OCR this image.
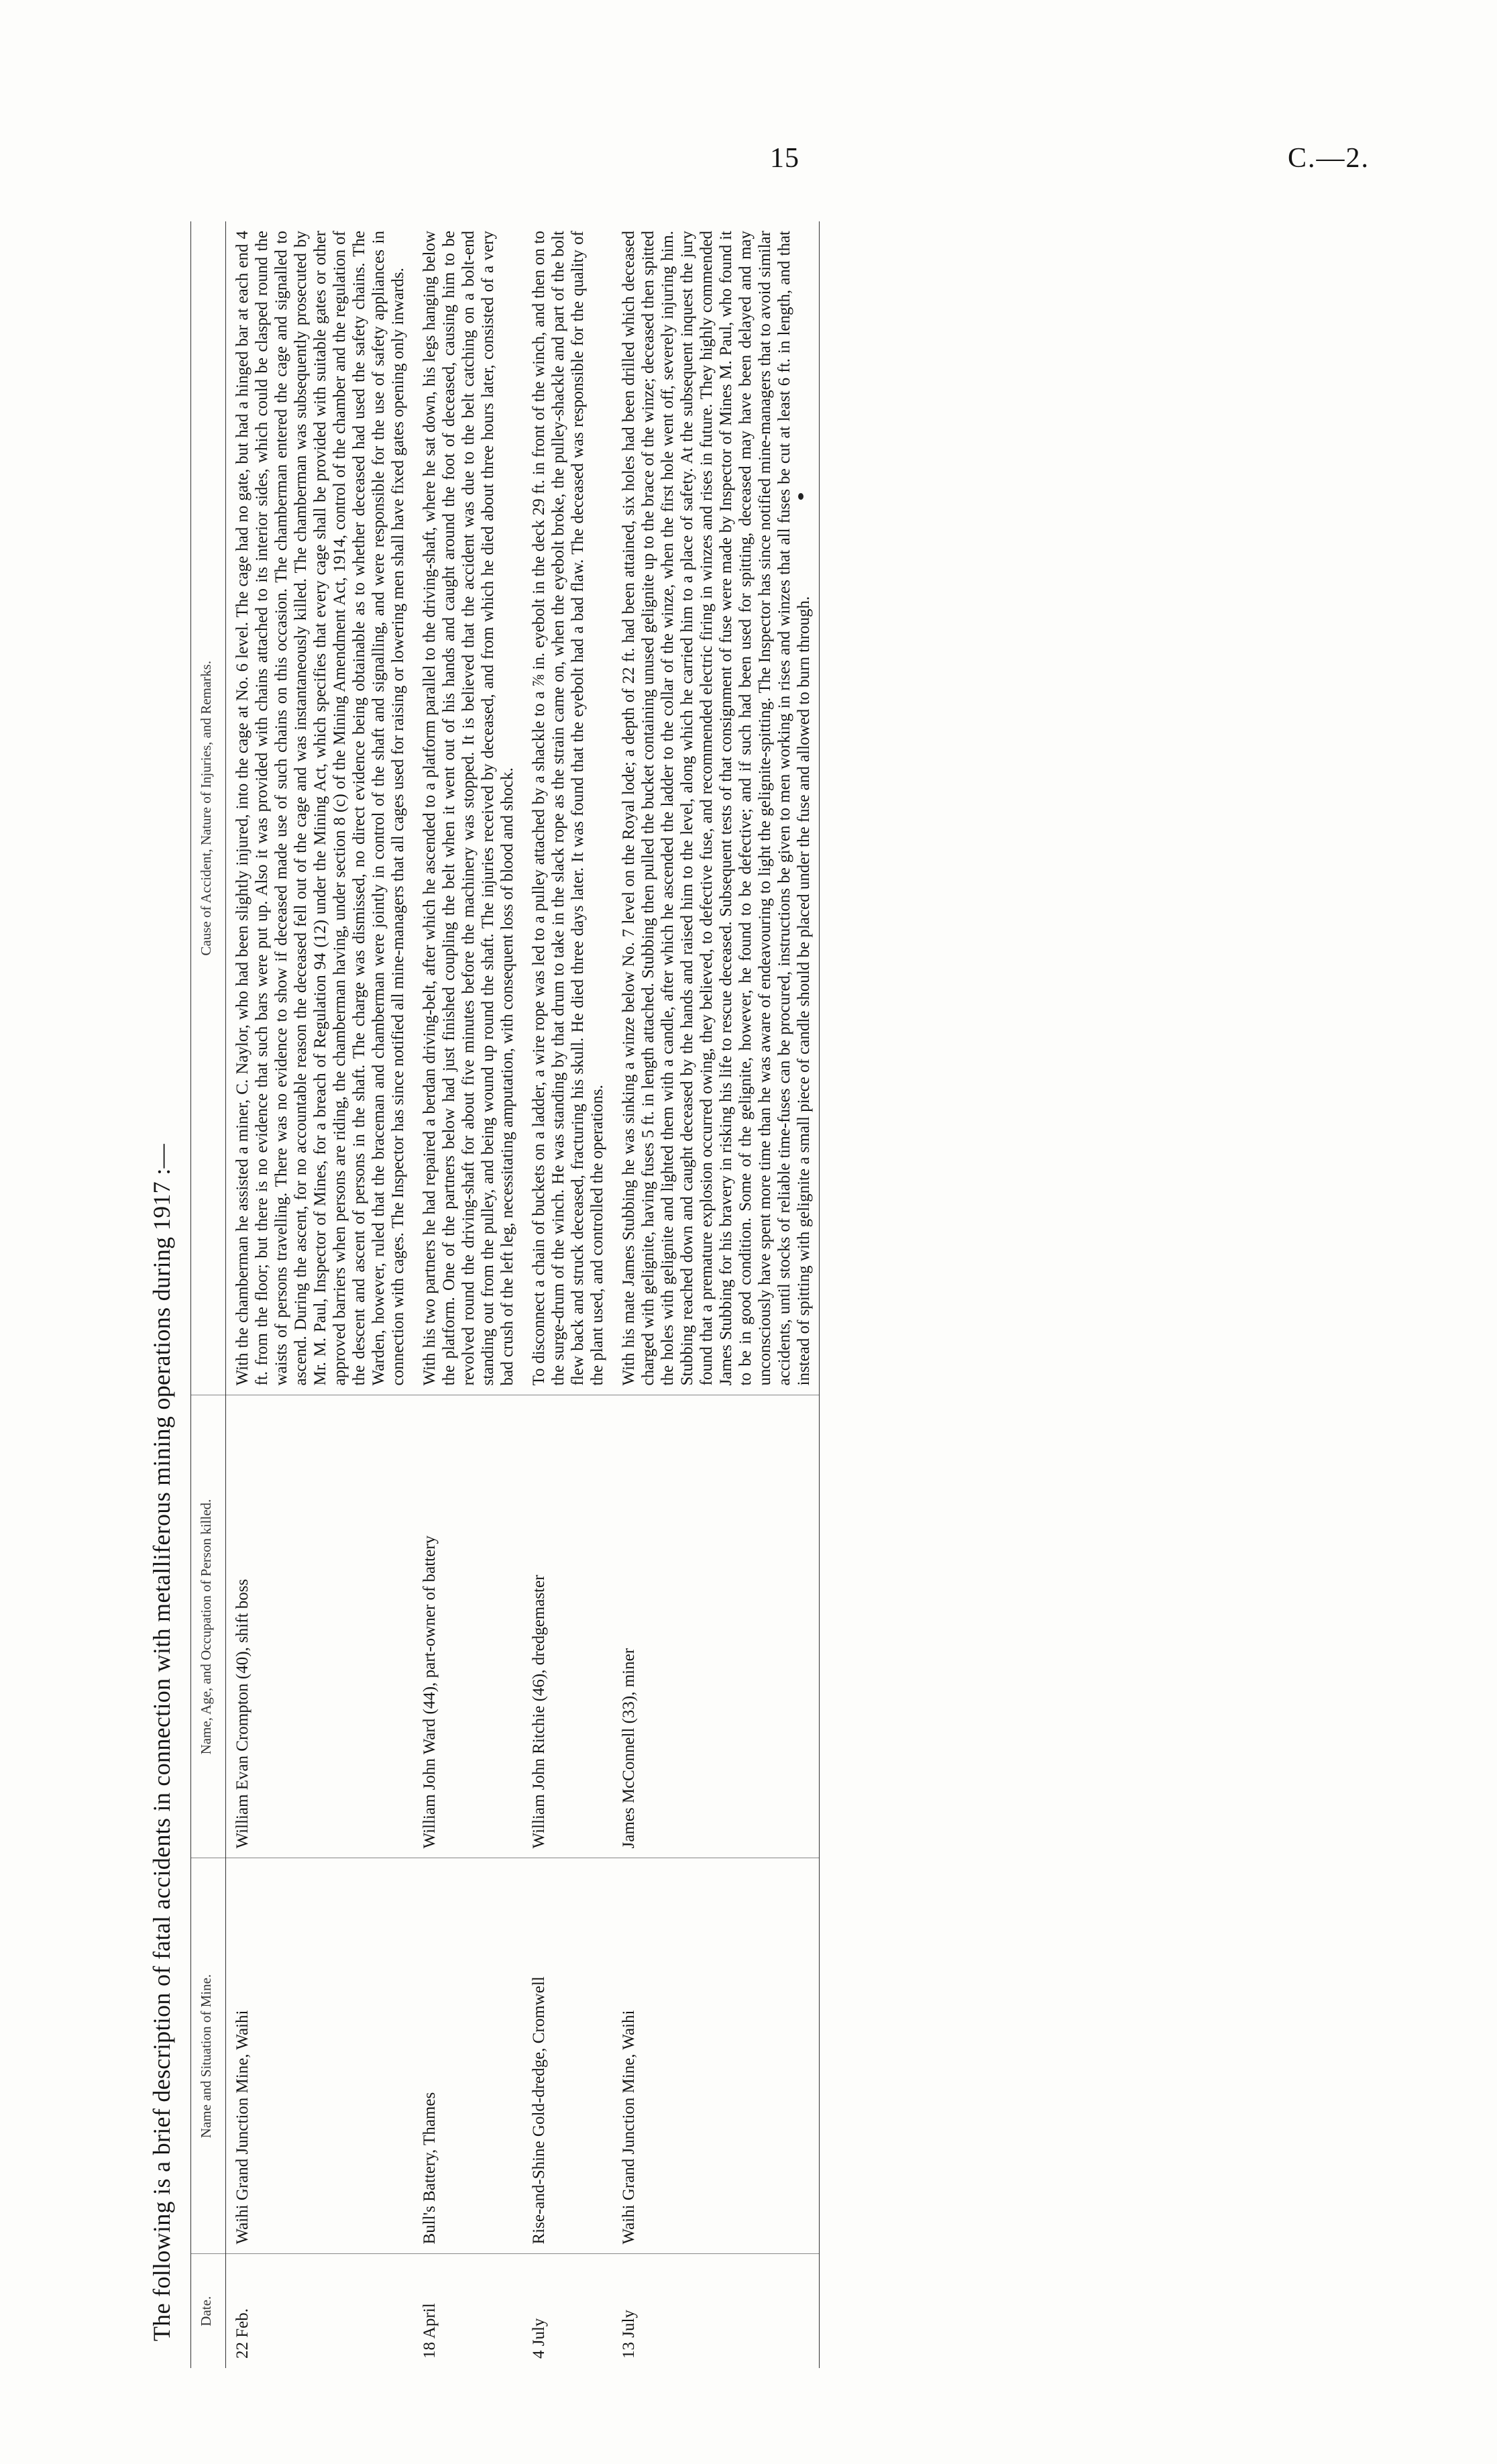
15	C.—2.
The following is a brief description of fatal accidents in connection with metalliferous mining operations during 1917 :— Date.	Name and Situation of Mine.	Name, Age, and Occupation of Person killed.	Cause of Accident, Nature of Injuries, and Remarks.
22 Feb.	Waihi Grand Junction Mine, Waihi	William Evan Crompton (40), shift boss	With the chamberman he assisted a miner, C. Naylor, who had been slightly injured, into the cage at No. 6 level. The cage had no gate, but had a hinged bar at each end 4 ft. from the floor; but there is no evidence that such bars were put up. Also it was provided with chains attached to its interior sides, which could be clasped round the waists of persons travelling. There was no evidence to show if deceased made use of such chains on this occasion. The chamberman entered the cage and signalled to ascend. During the ascent, for no accountable reason the deceased fell out of the cage and was instantaneously killed. The chamberman was subsequently prosecuted by Mr. M. Paul, Inspector of Mines, for a breach of Regulation 94 (12) under the Mining Act, which specifies that every cage shall be provided with suitable gates or other approved barriers when persons are riding, the chamberman having, under section 8 (c) of the Mining Amendment Act, 1914, control of the chamber and the regulation of the descent and ascent of persons in the shaft. The charge was dismissed, no direct evidence being obtainable as to whether deceased had used the safety chains. The Warden, however, ruled that the braceman and chamberman were jointly in control of the shaft and signalling, and were responsible for the use of safety appliances in connection with cages. The Inspector has since notified all mine-managers that all cages used for raising or lowering men shall have fixed gates opening only inwards.
18 April	Bull's Battery, Thames	William John Ward (44), part-owner of battery	With his two partners he had repaired a berdan driving-belt, after which he ascended to a platform parallel to the driving-shaft, where he sat down, his legs hanging below the platform. One of the partners below had just finished coupling the belt when it went out of his hands and caught around the foot of deceased, causing him to be revolved round the driving-shaft for about five minutes before the machinery was stopped. It is believed that the accident was due to the belt catching on a bolt-end standing out from the pulley, and being wound up round the shaft. The injuries received by deceased, and from which he died about three hours later, consisted of a very bad crush of the left leg, necessitating amputation, with consequent loss of blood and shock.
4 July	Rise-and-Shine Gold-dredge, Cromwell	William John Ritchie (46), dredgemaster	To disconnect a chain of buckets on a ladder, a wire rope was led to a pulley attached by a shackle to a ⅞ in. eyebolt in the deck 29 ft. in front of the winch, and then on to the surge-drum of the winch. He was standing by that drum to take in the slack rope as the strain came on, when the eyebolt broke, the pulley-shackle and part of the bolt flew back and struck deceased, fracturing his skull. He died three days later. It was found that the eyebolt had a bad flaw. The deceased was responsible for the quality of the plant used, and controlled the operations.
13 July	Waihi Grand Junction Mine, Waihi	James McConnell (33), miner	With his mate James Stubbing he was sinking a winze below No. 7 level on the Royal lode; a depth of 22 ft. had been attained, six holes had been drilled which deceased charged with gelignite, having fuses 5 ft. in length attached. Stubbing then pulled the bucket containing unused gelignite up to the brace of the winze; deceased then spitted the holes with gelignite and lighted them with a candle, after which he ascended the ladder to the collar of the winze, when the first hole went off, severely injuring him. Stubbing reached down and caught deceased by the hands and raised him to the level, along which he carried him to a place of safety. At the subsequent inquest the jury found that a premature explosion occurred owing, they believed, to defective fuse, and recommended electric firing in winzes and rises in future. They highly commended James Stubbing for his bravery in risking his life to rescue deceased. Subsequent tests of that consignment of fuse were made by Inspector of Mines M. Paul, who found it to be in good condition. Some of the gelignite, however, he found to be defective; and if such had been used for spitting, deceased may have been delayed and may unconsciously have spent more time than he was aware of endeavouring to light the gelignite-spitting. The Inspector has since notified mine-managers that to avoid similar accidents, until stocks of reliable time-fuses can be procured, instructions be given to men working in rises and winzes that all fuses be cut at least 6 ft. in length, and that instead of spitting with gelignite a small piece of candle should be placed under the fuse and allowed to burn through.
